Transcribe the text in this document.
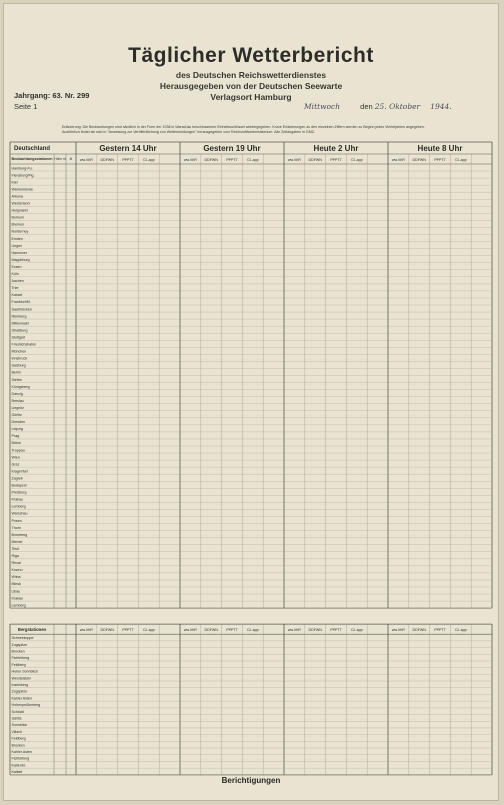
Täglicher Wetterbericht
des Deutschen Reichswetterdienstes
Herausgegeben von der Deutschen Seewarte
Verlagsort Hamburg
Jahrgang: 63. Nr. 299
Seite 1	Mittwoch	den 25. Oktober 1944.
Erläuterung: Die Beobachtungen sind sämtlich in der Form der 1938 in Warschau beschlossenen Einheitsschlüssel wiedergegeben. Kurze Erläuterungen zu den einzelnen Ziffern werden zu Beginn jedes Vierteljahres angegeben. Ausführlich findet sie sich in "Anweisung zur Veröffentlichung von Wettermeldungen" herausgegeben vom Reichsluftfahrtministerium. Alle Zeitangaben in GMZ.
Deutschland
Beobachtungsstationen Höhe m III
Gestern 14 Uhr
ww.VhR DDFWN PPPTT	CL.app
Gestern 19 Uhr
ww.VhR DDFWN PPPTT	CL.app
Heute 2 Uhr
ww.VhR DDFWN PPPTT	CL.app
Heute 8 Uhr
ww.VhR DDFWN PPPTT	CL.app
Hamburg-Fu.
Flensburg/Flg.
Kiel
Warnemünde
Arkona
Westerland
Helgoland
Borkum
Bremen
Norderney
Emden
Lingen
Hannover
Magdeburg
Essen
Köln
Aachen
Trier
Kassel
Frankfurt/M.
Saarbrücken
Nürnberg
Mittenwald
Straßburg
Stuttgart
Friedrichshafen
München
Innsbruck
Salzburg
Berlin
Stettin
Königsberg
Danzig
Breslau
Liegnitz
Görlitz
Dresden
Leipzig
Prag
Brünn
Troppau
Wien
Graz
Klagenfurt
Zagreb
Budapest
Preßburg
Krakau
Lemberg
Warschau
Posen
Thorn
Bromberg
Memel
Tilsit
Riga
Reval
Kowno
Wilna
Minsk
Libau
Krakau
Lemberg
Bergstationen	ww.VhR DDFWN PPPTT	CL.app	ww.VhR DDFWN PPPTT	CL.app	ww.VhR DDFWN PPPTT	CL.app	ww.VhR DDFWN PPPTT	CL.app
Schneekoppe
Zugspitze
Brocken
Fichtelberg
Feldberg
Hoher Sonnblick
Wendelstein
Inselsberg
Zugspitze
Kahler Asten
Hohenpeißenberg
Schöckl
Säntis
Sonnblick
Villach
Feldberg
Brocken
Kahler Asten
Fichtelberg
Kaltenbr.
Kalkelt
Berichtigungen
